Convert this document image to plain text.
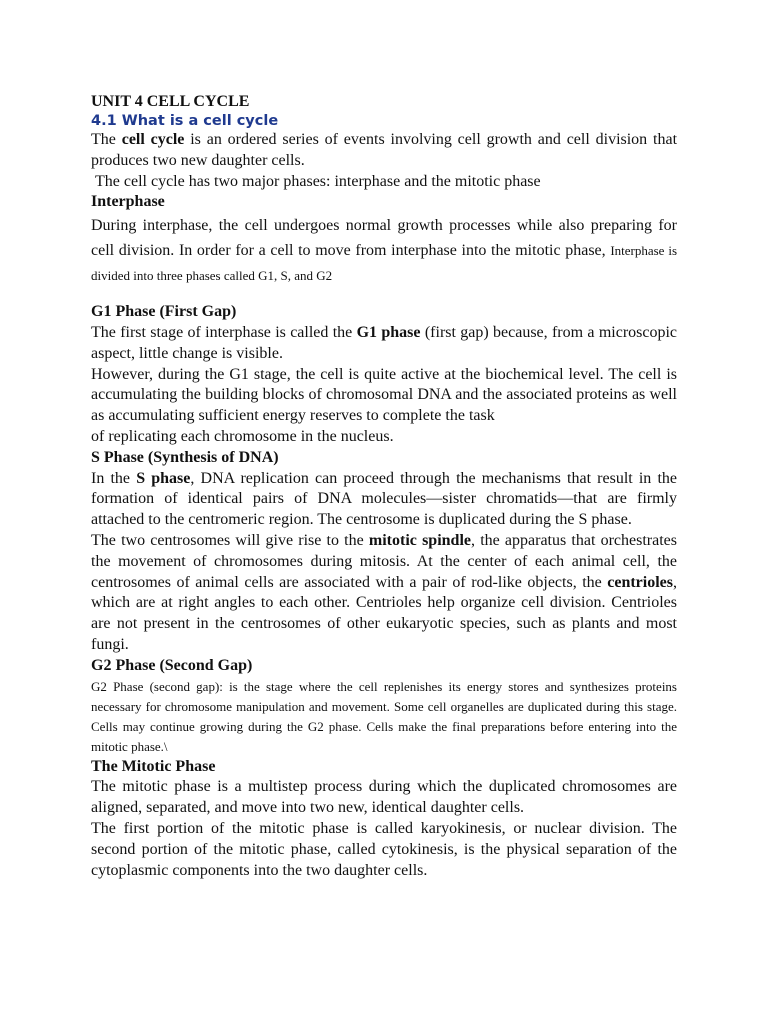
UNIT 4 CELL CYCLE
4.1 What is a cell cycle

The cell cycle is an ordered series of events involving cell growth and cell division that produces two new daughter cells.

The cell cycle has two major phases: interphase and the mitotic phase

Interphase

During interphase, the cell undergoes normal growth processes while also preparing for cell division. In order for a cell to move from interphase into the mitotic phase, Interphase is divided into three phases called G1, S, and G2

G1 Phase (First Gap)

The first stage of interphase is called the G1 phase (first gap) because, from a microscopic aspect, little change is visible.

However, during the G1 stage, the cell is quite active at the biochemical level. The cell is accumulating the building blocks of chromosomal DNA and the associated proteins as well as accumulating sufficient energy reserves to complete the task
of replicating each chromosome in the nucleus.

S Phase (Synthesis of DNA)

In the S phase, DNA replication can proceed through the mechanisms that result in the formation of identical pairs of DNA molecules—sister chromatids—that are firmly attached to the centromeric region. The centrosome is duplicated during the S phase.

The two centrosomes will give rise to the mitotic spindle, the apparatus that orchestrates the movement of chromosomes during mitosis. At the center of each animal cell, the centrosomes of animal cells are associated with a pair of rod-like objects, the centrioles, which are at right angles to each other. Centrioles help organize cell division. Centrioles are not present in the centrosomes of other eukaryotic species, such as plants and most fungi.

G2 Phase (Second Gap)

G2 Phase (second gap): is the stage where the cell replenishes its energy stores and synthesizes proteins necessary for chromosome manipulation and movement. Some cell organelles are duplicated during this stage. Cells may continue growing during the G2 phase. Cells make the final preparations before entering into the mitotic phase.\

The Mitotic Phase

The mitotic phase is a multistep process during which the duplicated chromosomes are aligned, separated, and move into two new, identical daughter cells.

The first portion of the mitotic phase is called karyokinesis, or nuclear division. The second portion of the mitotic phase, called cytokinesis, is the physical separation of the cytoplasmic components into the two daughter cells.
